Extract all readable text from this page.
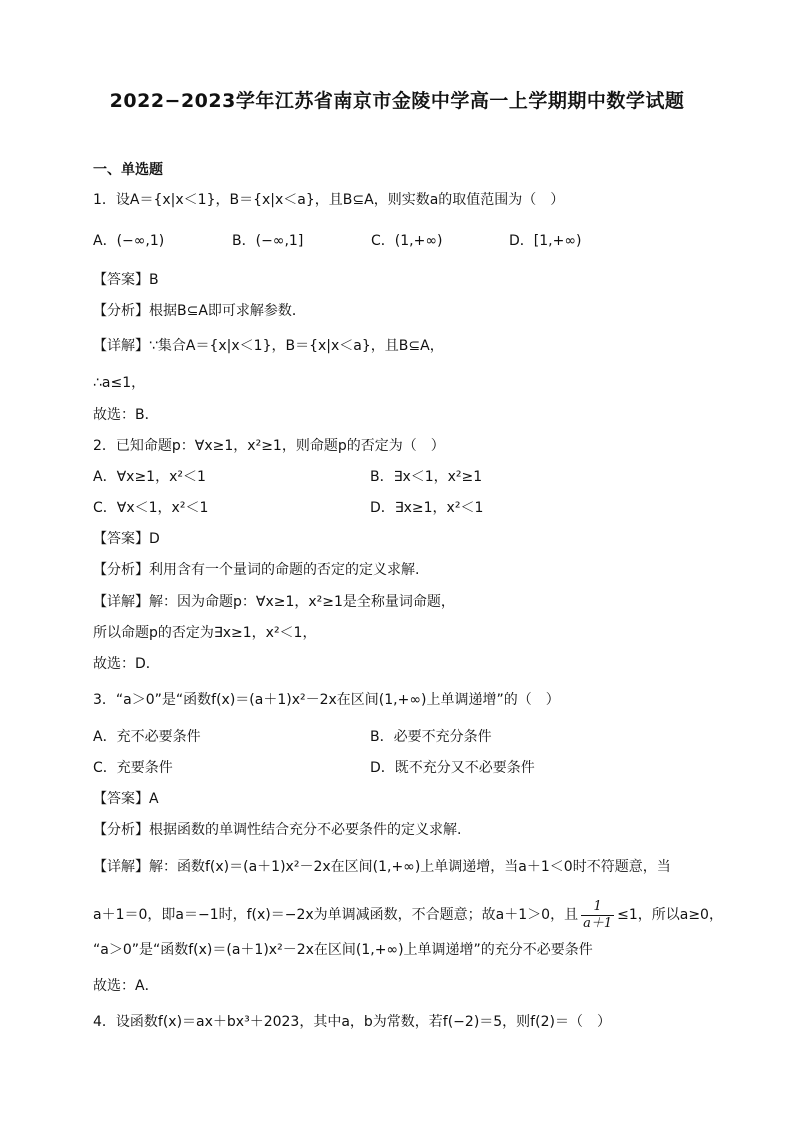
2022−2023学年江苏省南京市金陵中学高一上学期期中数学试题
一、单选题
1．设A＝{x|x＜1}，B＝{x|x＜a}，且B⊆A，则实数a的取值范围为（　）
A．(−∞,1)	B．(−∞,1]	C．(1,+∞)	D．[1,+∞)
【答案】B
【分析】根据B⊆A即可求解参数．
【详解】∵集合A＝{x|x＜1}，B＝{x|x＜a}，且B⊆A，
∴a≤1，
故选：B．
2．已知命题p：∀x≥1，x²≥1，则命题p的否定为（　）
A．∀x≥1，x²＜1	B．∃x＜1，x²≥1
C．∀x＜1，x²＜1	D．∃x≥1，x²＜1
【答案】D
【分析】利用含有一个量词的命题的否定的定义求解.
【详解】解：因为命题p：∀x≥1，x²≥1是全称量词命题，
所以命题p的否定为∃x≥1，x²＜1，
故选：D．
3．“a＞0”是“函数f(x)＝(a＋1)x²－2x在区间(1,+∞)上单调递增”的（　）
A．充不必要条件	B．必要不充分条件
C．充要条件	D．既不充分又不必要条件
【答案】A
【分析】根据函数的单调性结合充分不必要条件的定义求解.
【详解】解：函数f(x)＝(a＋1)x²－2x在区间(1,+∞)上单调递增，当a＋1＜0时不符题意，当
a＋1＝0，即a＝−1时，f(x)＝−2x为单调减函数，不合题意；故a＋1＞0，且 $\frac{1}{a+1} \le 1$，所以a≥0，
“a＞0”是“函数f(x)＝(a＋1)x²－2x在区间(1,+∞)上单调递增”的充分不必要条件
故选：A．
4．设函数f(x)＝ax＋bx³＋2023，其中a，b为常数，若f(−2)＝5，则f(2)＝（　）
